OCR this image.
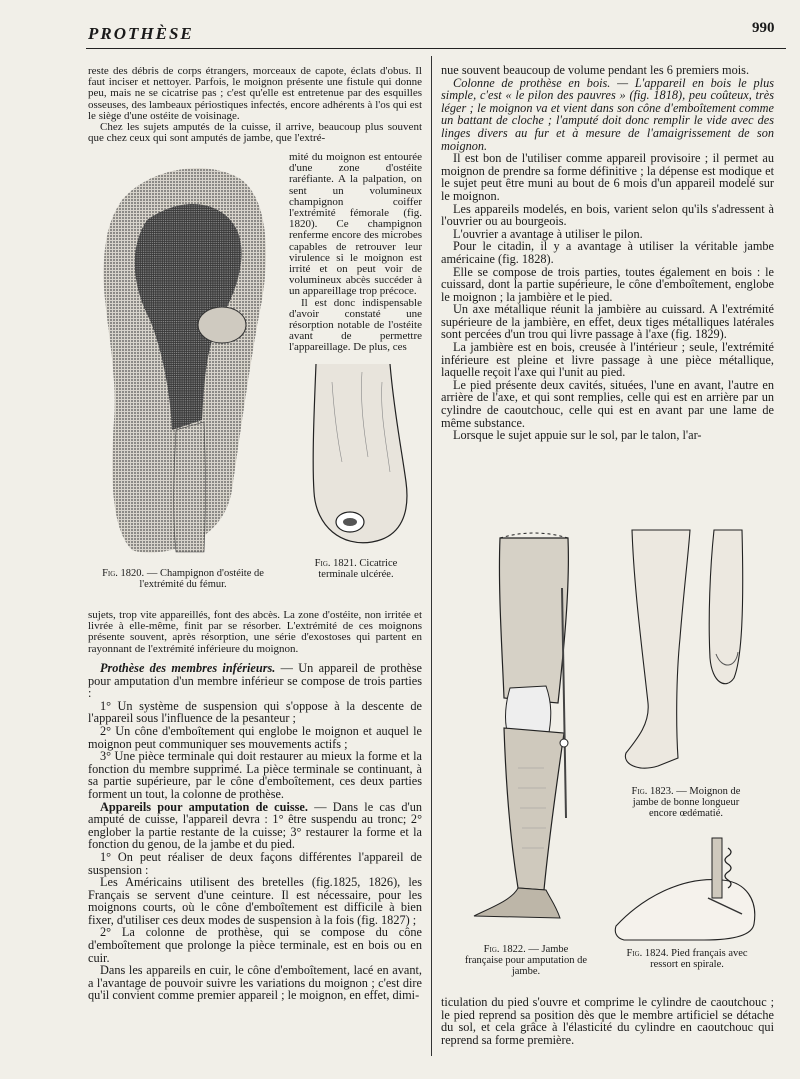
PROTHÈSE	990

reste des débris de corps étrangers, morceaux de capote, éclats d'obus. Il faut inciser et nettoyer. Parfois, le moignon présente une fistule qui donne peu, mais ne se cicatrise pas ; c'est qu'elle est entretenue par des esquilles osseuses, des lambeaux périostiques infectés, encore adhérents à l'os qui est le siège d'une ostéite de voisinage.

Chez les sujets amputés de la cuisse, il arrive, beaucoup plus souvent que chez ceux qui sont amputés de jambe, que l'extré-

mité du moignon est entourée d'une zone d'ostéite raréfiante. A la palpation, on sent un volumineux champignon coiffer l'extrémité fémorale (fig. 1820). Ce champignon renferme encore des microbes capables de retrouver leur virulence si le moignon est irrité et on peut voir de volumineux abcès succéder à un appareillage trop précoce.

Il est donc indispensable d'avoir constaté une résorption notable de l'ostéite avant de permettre l'appareillage. De plus, ces

Fig. 1820. — Champignon d'ostéite de l'extrémité du fémur.
Fig. 1821. Cicatrice terminale ulcérée.

sujets, trop vite appareillés, font des abcès. La zone d'ostéite, non irritée et livrée à elle-même, finit par se résorber. L'extrémité de ces moignons présente souvent, après résorption, une série d'exostoses qui partent en rayonnant de l'extrémité inférieure du moignon.

Prothèse des membres inférieurs. — Un appareil de prothèse pour amputation d'un membre inférieur se compose de trois parties :

1° Un système de suspension qui s'oppose à la descente de l'appareil sous l'influence de la pesanteur ;

2° Un cône d'emboîtement qui englobe le moignon et auquel le moignon peut communiquer ses mouvements actifs ;

3° Une pièce terminale qui doit restaurer au mieux la forme et la fonction du membre supprimé. La pièce terminale se continuant, à sa partie supérieure, par le cône d'emboîtement, ces deux parties forment un tout, la colonne de prothèse.

Appareils pour amputation de cuisse. — Dans le cas d'un amputé de cuisse, l'appareil devra : 1° être suspendu au tronc; 2° englober la partie restante de la cuisse; 3° restaurer la forme et la fonction du genou, de la jambe et du pied.

1° On peut réaliser de deux façons différentes l'appareil de suspension :

Les Américains utilisent des bretelles (fig.1825, 1826), les Français se servent d'une ceinture. Il est nécessaire, pour les moignons courts, où le cône d'emboîtement est difficile à bien fixer, d'utiliser ces deux modes de suspension à la fois (fig. 1827) ;

2° La colonne de prothèse, qui se compose du cône d'emboîtement que prolonge la pièce terminale, est en bois ou en cuir.

Dans les appareils en cuir, le cône d'emboîtement, lacé en avant, a l'avantage de pouvoir suivre les variations du moignon ; c'est dire qu'il convient comme premier appareil ; le moignon, en effet, dimi-

nue souvent beaucoup de volume pendant les 6 premiers mois.

Colonne de prothèse en bois. — L'appareil en bois le plus simple, c'est « le pilon des pauvres » (fig. 1818), peu coûteux, très léger ; le moignon va et vient dans son cône d'emboîtement comme un battant de cloche ; l'amputé doit donc remplir le vide avec des linges divers au fur et à mesure de l'amaigrissement de son moignon.

Il est bon de l'utiliser comme appareil provisoire ; il permet au moignon de prendre sa forme définitive ; la dépense est modique et le sujet peut être muni au bout de 6 mois d'un appareil modelé sur le moignon.

Les appareils modelés, en bois, varient selon qu'ils s'adressent à l'ouvrier ou au bourgeois.

L'ouvrier a avantage à utiliser le pilon.

Pour le citadin, il y a avantage à utiliser la véritable jambe américaine (fig. 1828).

Elle se compose de trois parties, toutes également en bois : le cuissard, dont la partie supérieure, le cône d'emboîtement, englobe le moignon ; la jambière et le pied.

Un axe métallique réunit la jambière au cuissard. A l'extrémité supérieure de la jambière, en effet, deux tiges métalliques latérales sont percées d'un trou qui livre passage à l'axe (fig. 1829).

La jambière est en bois, creusée à l'intérieur ; seule, l'extrémité inférieure est pleine et livre passage à une pièce métallique, laquelle reçoit l'axe qui l'unit au pied.

Le pied présente deux cavités, situées, l'une en avant, l'autre en arrière de l'axe, et qui sont remplies, celle qui est en arrière par un cylindre de caoutchouc, celle qui est en avant par une lame de même substance.

Lorsque le sujet appuie sur le sol, par le talon, l'ar-

Fig. 1822. — Jambe française pour amputation de jambe.
Fig. 1823. — Moignon de jambe de bonne longueur encore œdématié.
Fig. 1824. Pied français avec ressort en spirale.

ticulation du pied s'ouvre et comprime le cylindre de caoutchouc ; le pied reprend sa position dès que le membre artificiel se détache du sol, et cela grâce à l'élasticité du cylindre en caoutchouc qui reprend sa forme première.
